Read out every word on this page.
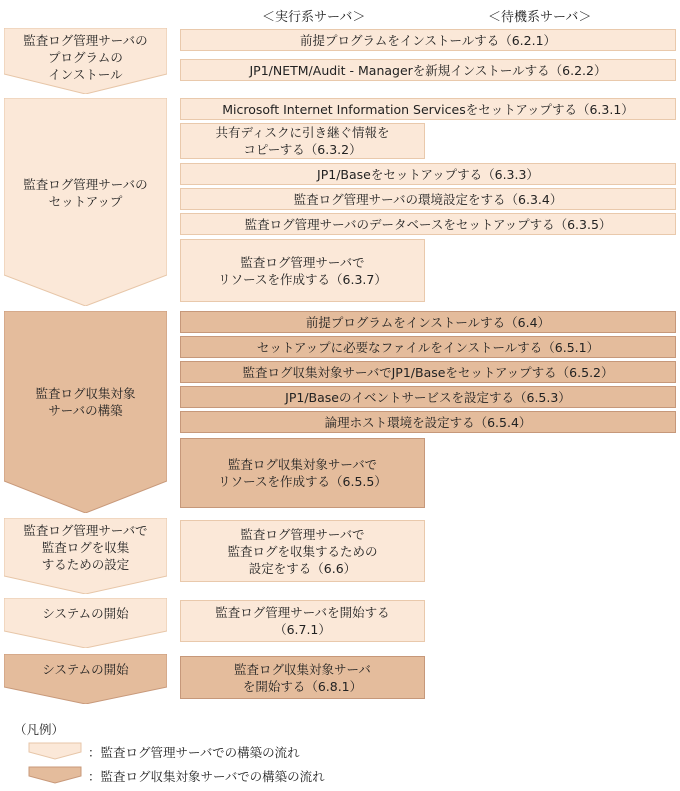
＜実行系サーバ＞	＜待機系サーバ＞
監査ログ管理サーバの
プログラムの
インストール
監査ログ管理サーバの
セットアップ
監査ログ収集対象
サーバの構築
監査ログ管理サーバで
監査ログを収集
するための設定
システムの開始
システムの開始
前提プログラムをインストールする（6.2.1）
JP1/NETM/Audit - Managerを新規インストールする（6.2.2）
Microsoft Internet Information Servicesをセットアップする（6.3.1）
共有ディスクに引き継ぐ情報を
コピーする（6.3.2）
JP1/Baseをセットアップする（6.3.3）
監査ログ管理サーバの環境設定をする（6.3.4）
監査ログ管理サーバのデータベースをセットアップする（6.3.5）
監査ログ管理サーバで
リソースを作成する（6.3.7）
前提プログラムをインストールする（6.4）
セットアップに必要なファイルをインストールする（6.5.1）
監査ログ収集対象サーバでJP1/Baseをセットアップする（6.5.2）
JP1/Baseのイベントサービスを設定する（6.5.3）
論理ホスト環境を設定する（6.5.4）
監査ログ収集対象サーバで
リソースを作成する（6.5.5）
監査ログ管理サーバで
監査ログを収集するための
設定をする（6.6）
監査ログ管理サーバを開始する
（6.7.1）
監査ログ収集対象サーバ
を開始する（6.8.1）
（凡例）
：監査ログ管理サーバでの構築の流れ
：監査ログ収集対象サーバでの構築の流れ
